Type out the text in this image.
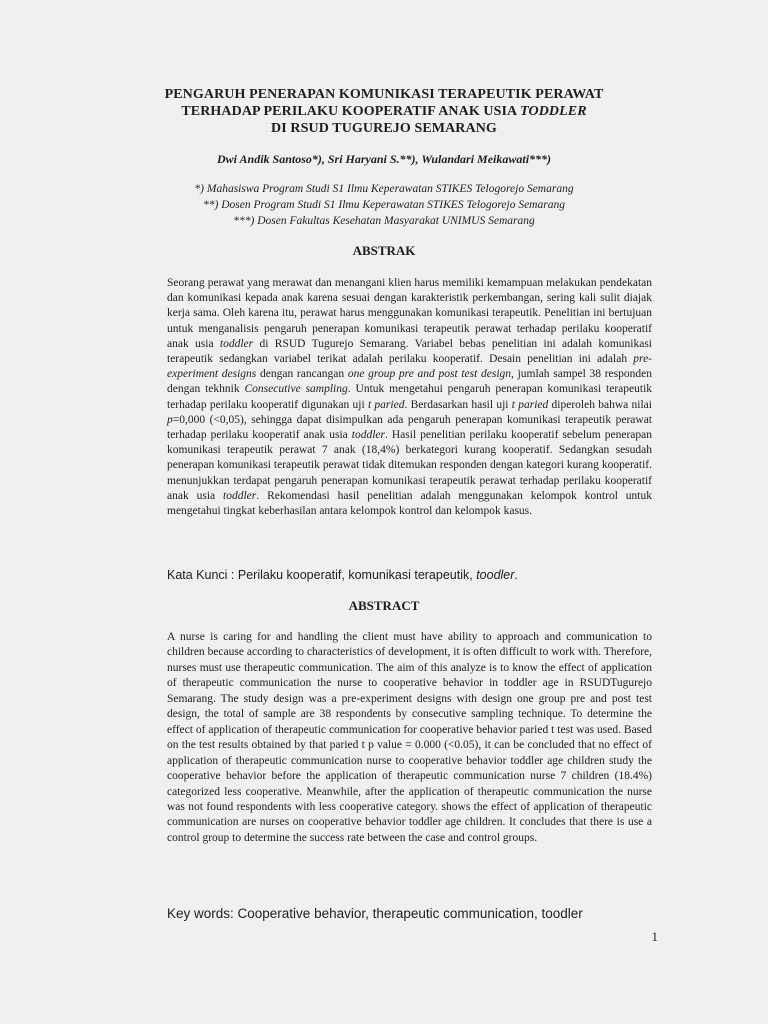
PENGARUH PENERAPAN KOMUNIKASI TERAPEUTIK PERAWAT
TERHADAP PERILAKU KOOPERATIF ANAK USIA TODDLER
DI RSUD TUGUREJO SEMARANG
Dwi Andik Santoso*), Sri Haryani S.**), Wulandari Meikawati***)
*) Mahasiswa Program Studi S1 Ilmu Keperawatan STIKES Telogorejo Semarang
**) Dosen Program Studi S1 Ilmu Keperawatan STIKES Telogorejo Semarang
***) Dosen Fakultas Kesehatan Masyarakat UNIMUS Semarang
ABSTRAK
Seorang perawat yang merawat dan menangani klien harus memiliki kemampuan melakukan pendekatan dan komunikasi kepada anak karena sesuai dengan karakteristik perkembangan, sering kali sulit diajak kerja sama. Oleh karena itu, perawat harus menggunakan komunikasi terapeutik. Penelitian ini bertujuan untuk menganalisis pengaruh penerapan komunikasi terapeutik perawat terhadap perilaku kooperatif anak usia toddler di RSUD Tugurejo Semarang. Variabel bebas penelitian ini adalah komunikasi terapeutik sedangkan variabel terikat adalah perilaku kooperatif. Desain penelitian ini adalah pre-experiment designs dengan rancangan one group pre and post test design, jumlah sampel 38 responden dengan tekhnik Consecutive sampling. Untuk mengetahui pengaruh penerapan komunikasi terapeutik terhadap perilaku kooperatif digunakan uji t paried. Berdasarkan hasil uji t paried diperoleh bahwa nilai p=0,000 (<0,05), sehingga dapat disimpulkan ada pengaruh penerapan komunikasi terapeutik perawat terhadap perilaku kooperatif anak usia toddler. Hasil penelitian perilaku kooperatif sebelum penerapan komunikasi terapeutik perawat 7 anak (18,4%) berkategori kurang kooperatif. Sedangkan sesudah penerapan komunikasi terapeutik perawat tidak ditemukan responden dengan kategori kurang kooperatif. menunjukkan terdapat pengaruh penerapan komunikasi terapeutik perawat terhadap perilaku kooperatif anak usia toddler. Rekomendasi hasil penelitian adalah menggunakan kelompok kontrol untuk mengetahui tingkat keberhasilan antara kelompok kontrol dan kelompok kasus.
Kata Kunci : Perilaku kooperatif, komunikasi terapeutik, toodler.
ABSTRACT
A nurse is caring for and handling the client must have ability to approach and communication to children because according to characteristics of development, it is often difficult to work with. Therefore, nurses must use therapeutic communication. The aim of this analyze is to know the effect of application of therapeutic communication the nurse to cooperative behavior in toddler age in RSUDTugurejo Semarang. The study design was a pre-experiment designs with design one group pre and post test design, the total of sample are 38 respondents by consecutive sampling technique. To determine the effect of application of therapeutic communication for cooperative behavior paried t test was used. Based on the test results obtained by that paried t p value = 0.000 (<0.05), it can be concluded that no effect of application of therapeutic communication nurse to cooperative behavior toddler age children study the cooperative behavior before the application of therapeutic communication nurse 7 children (18.4%) categorized less cooperative. Meanwhile, after the application of therapeutic communication the nurse was not found respondents with less cooperative category. shows the effect of application of therapeutic communication are nurses on cooperative behavior toddler age children. It concludes that there is use a control group to determine the success rate between the case and control groups.
Key words: Cooperative behavior, therapeutic communication, toodler
1
